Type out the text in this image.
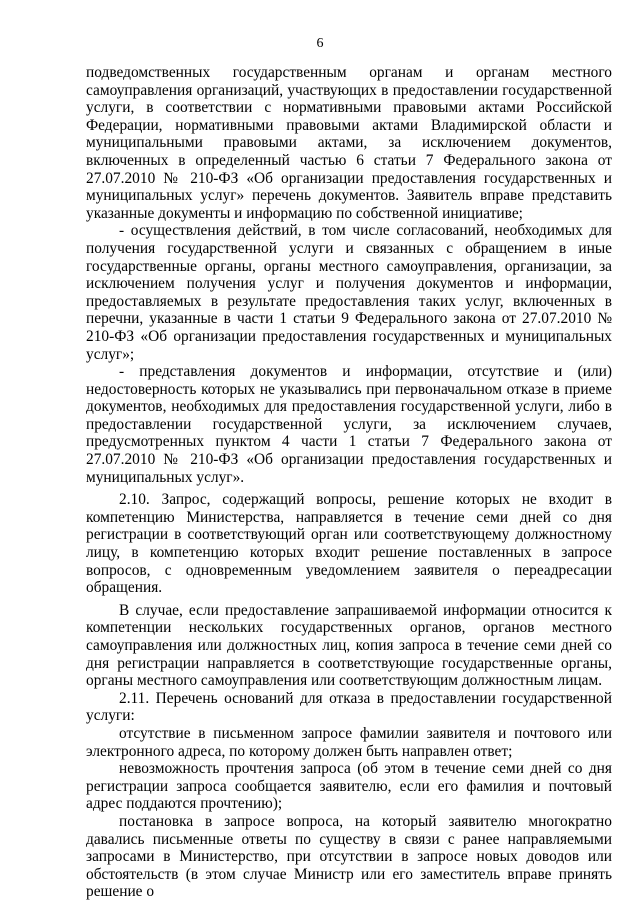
6

подведомственных государственным органам и органам местного самоуправления организаций, участвующих в предоставлении государственной услуги, в соответствии с нормативными правовыми актами Российской Федерации, нормативными правовыми актами Владимирской области и муниципальными правовыми актами, за исключением документов, включенных в определенный частью 6 статьи 7 Федерального закона от 27.07.2010 № 210-ФЗ «Об организации предоставления государственных и муниципальных услуг» перечень документов. Заявитель вправе представить указанные документы и информацию по собственной инициативе;

- осуществления действий, в том числе согласований, необходимых для получения государственной услуги и связанных с обращением в иные государственные органы, органы местного самоуправления, организации, за исключением получения услуг и получения документов и информации, предоставляемых в результате предоставления таких услуг, включенных в перечни, указанные в части 1 статьи 9 Федерального закона от 27.07.2010 № 210-ФЗ «Об организации предоставления государственных и муниципальных услуг»;

- представления документов и информации, отсутствие и (или) недостоверность которых не указывались при первоначальном отказе в приеме документов, необходимых для предоставления государственной услуги, либо в предоставлении государственной услуги, за исключением случаев, предусмотренных пунктом 4 части 1 статьи 7 Федерального закона от 27.07.2010 № 210-ФЗ «Об организации предоставления государственных и муниципальных услуг».

2.10. Запрос, содержащий вопросы, решение которых не входит в компетенцию Министерства, направляется в течение семи дней со дня регистрации в соответствующий орган или соответствующему должностному лицу, в компетенцию которых входит решение поставленных в запросе вопросов, с одновременным уведомлением заявителя о переадресации обращения.

В случае, если предоставление запрашиваемой информации относится к компетенции нескольких государственных органов, органов местного самоуправления или должностных лиц, копия запроса в течение семи дней со дня регистрации направляется в соответствующие государственные органы, органы местного самоуправления или соответствующим должностным лицам.

2.11. Перечень оснований для отказа в предоставлении государственной услуги:

отсутствие в письменном запросе фамилии заявителя и почтового или электронного адреса, по которому должен быть направлен ответ;

невозможность прочтения запроса (об этом в течение семи дней со дня регистрации запроса сообщается заявителю, если его фамилия и почтовый адрес поддаются прочтению);

постановка в запросе вопроса, на который заявителю многократно давались письменные ответы по существу в связи с ранее направляемыми запросами в Министерство, при отсутствии в запросе новых доводов или обстоятельств (в этом случае Министр или его заместитель вправе принять решение о
